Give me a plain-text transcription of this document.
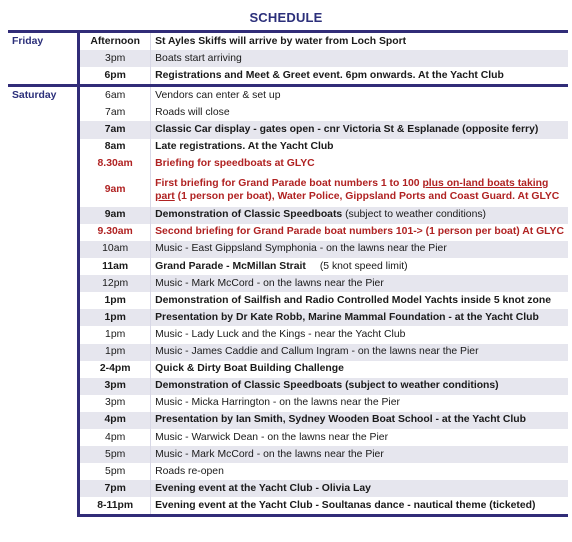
SCHEDULE
Friday	Afternoon	St Ayles Skiffs will arrive by water from Loch Sport
	3pm	Boats start arriving
	6pm	Registrations and Meet & Greet event. 6pm onwards. At the Yacht Club
Saturday	6am	Vendors can enter & set up
	7am	Roads will close
	7am	Classic Car display - gates open - cnr Victoria St & Esplanade (opposite ferry)
	8am	Late registrations. At the Yacht Club
	8.30am	Briefing for speedboats at GLYC
	9am	First briefing for Grand Parade boat numbers 1 to 100 plus on-land boats taking part (1 person per boat), Water Police, Gippsland Ports and Coast Guard. At GLYC
	9am	Demonstration of Classic Speedboats (subject to weather conditions)
	9.30am	Second briefing for Grand Parade boat numbers 101-> (1 person per boat) At GLYC
	10am	Music - East Gippsland Symphonia - on the lawns near the Pier
	11am	Grand Parade - McMillan Strait (5 knot speed limit)
	12pm	Music - Mark McCord - on the lawns near the Pier
	1pm	Demonstration of Sailfish and Radio Controlled Model Yachts inside 5 knot zone
	1pm	Presentation by Dr Kate Robb, Marine Mammal Foundation - at the Yacht Club
	1pm	Music - Lady Luck and the Kings - near the Yacht Club
	1pm	Music - James Caddie and Callum Ingram - on the lawns near the Pier
	2-4pm	Quick & Dirty Boat Building Challenge
	3pm	Demonstration of Classic Speedboats (subject to weather conditions)
	3pm	Music - Micka Harrington - on the lawns near the Pier
	4pm	Presentation by Ian Smith, Sydney Wooden Boat School - at the Yacht Club
	4pm	Music - Warwick Dean - on the lawns near the Pier
	5pm	Music - Mark McCord - on the lawns near the Pier
	5pm	Roads re-open
	7pm	Evening event at the Yacht Club - Olivia Lay
	8-11pm	Evening event at the Yacht Club - Soultanas dance - nautical theme (ticketed)
